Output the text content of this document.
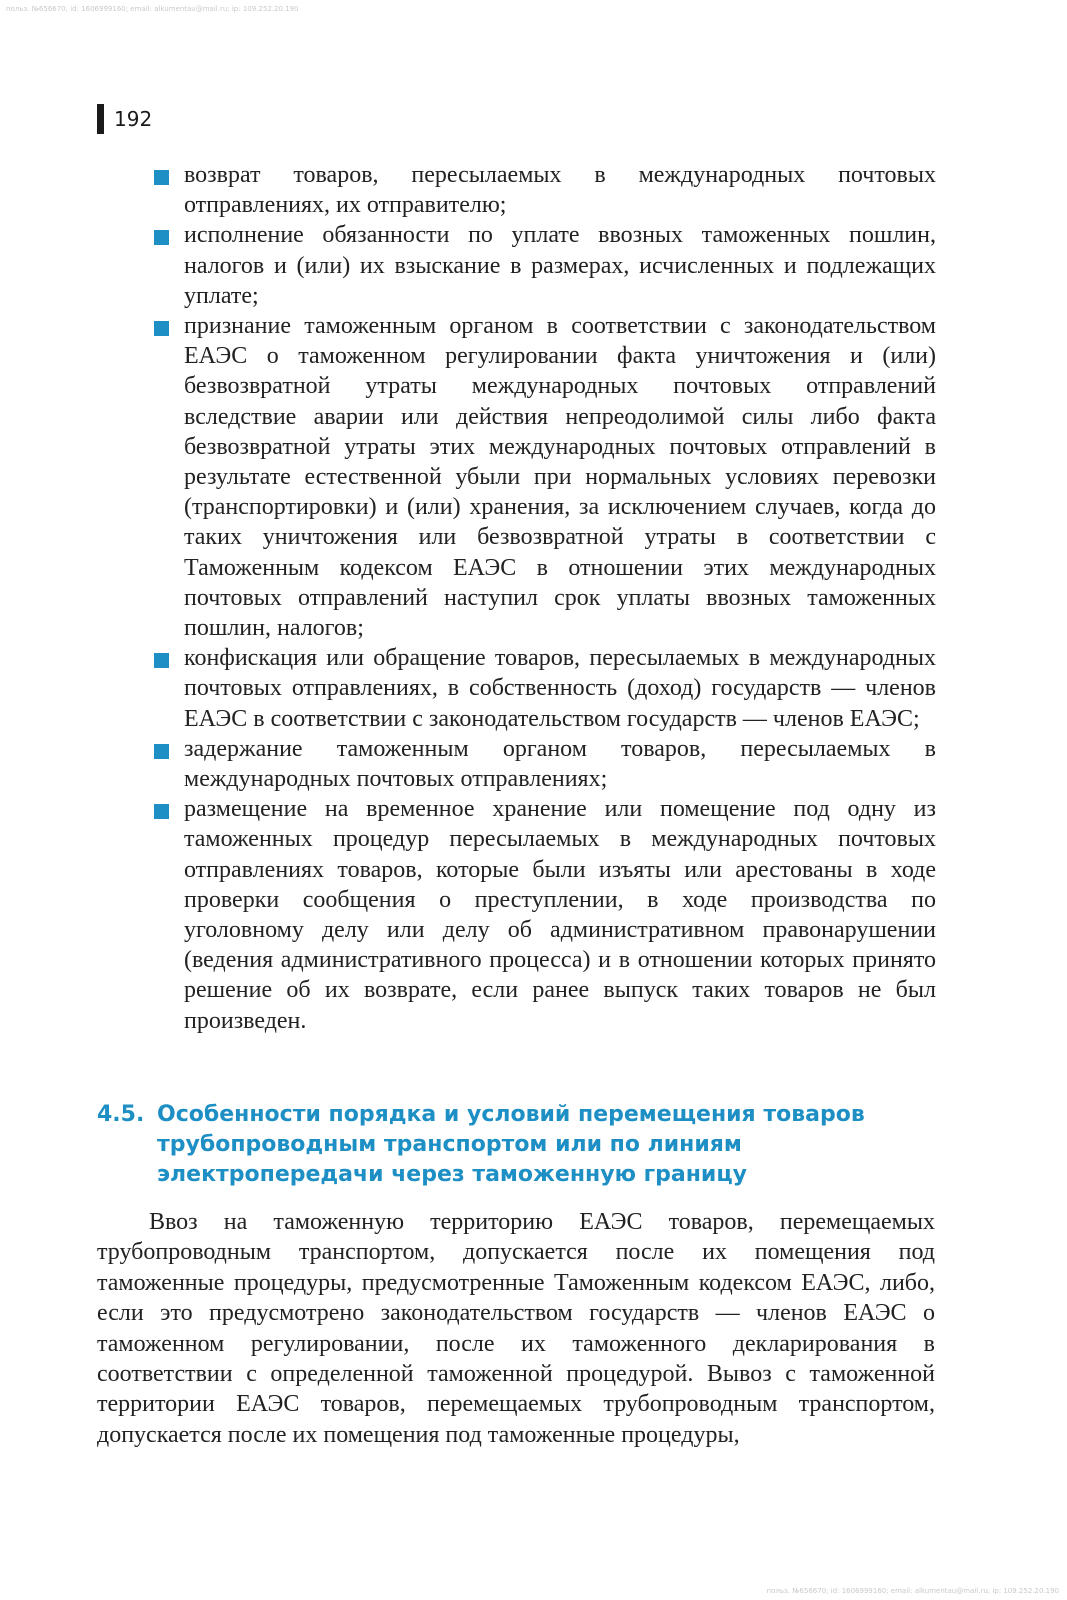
польз. №656670; id: 1606999160; email: alkumentau@mail.ru; ip: 109.252.20.190
192
возврат товаров, пересылаемых в международных почтовых отправлениях, их отправителю;
исполнение обязанности по уплате ввозных таможенных пошлин, налогов и (или) их взыскание в размерах, исчисленных и подлежащих уплате;
признание таможенным органом в соответствии с законодательством ЕАЭС о таможенном регулировании факта уничтожения и (или) безвозвратной утраты международных почтовых отправлений вследствие аварии или действия непреодолимой силы либо факта безвозвратной утраты этих международных почтовых отправлений в результате естественной убыли при нормальных условиях перевозки (транспортировки) и (или) хранения, за исключением случаев, когда до таких уничтожения или безвозвратной утраты в соответствии с Таможенным кодексом ЕАЭС в отношении этих международных почтовых отправлений наступил срок уплаты ввозных таможенных пошлин, налогов;
конфискация или обращение товаров, пересылаемых в международных почтовых отправлениях, в собственность (доход) государств — членов ЕАЭС в соответствии с законодательством государств — членов ЕАЭС;
задержание таможенным органом товаров, пересылаемых в международных почтовых отправлениях;
размещение на временное хранение или помещение под одну из таможенных процедур пересылаемых в международных почтовых отправлениях товаров, которые были изъяты или арестованы в ходе проверки сообщения о преступлении, в ходе производства по уголовному делу или делу об административном правонарушении (ведения административного процесса) и в отношении которых принято решение об их возврате, если ранее выпуск таких товаров не был произведен.
4.5. Особенности порядка и условий перемещения товаров трубопроводным транспортом или по линиям электропередачи через таможенную границу

Ввоз на таможенную территорию ЕАЭС товаров, перемещаемых трубопроводным транспортом, допускается после их помещения под таможенные процедуры, предусмотренные Таможенным кодексом ЕАЭС, либо, если это предусмотрено законодательством государств — членов ЕАЭС о таможенном регулировании, после их таможенного декларирования в соответствии с определенной таможенной процедурой. Вывоз с таможенной территории ЕАЭС товаров, перемещаемых трубопроводным транспортом, допускается после их помещения под таможенные процедуры,

польз. №656670; id: 1606999160; email: alkumentau@mail.ru; ip: 109.252.20.190
